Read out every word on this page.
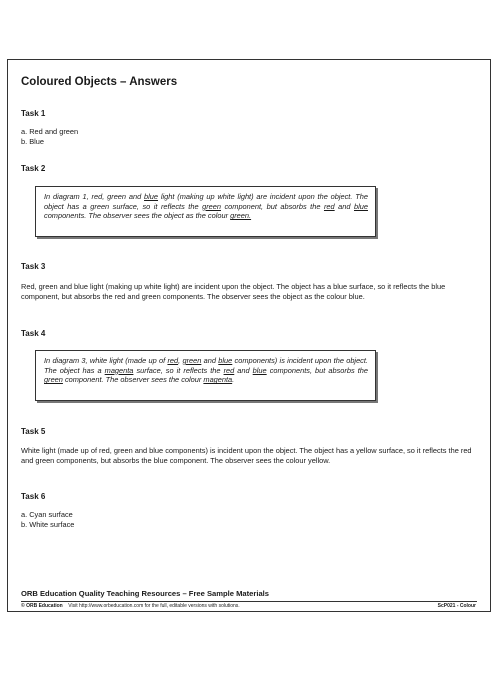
Coloured Objects – Answers
Task 1
a. Red and green
b. Blue
Task 2
In diagram 1, red, green and blue light (making up white light) are incident upon the object. The object has a green surface, so it reflects the green component, but absorbs the red and blue components. The observer sees the object as the colour green.
Task 3
Red, green and blue light (making up white light) are incident upon the object. The object has a blue surface, so it reflects the blue component, but absorbs the red and green components. The observer sees the object as the colour blue.
Task 4
In diagram 3, white light (made up of red, green and blue components) is incident upon the object. The object has a magenta surface, so it reflects the red and blue components, but absorbs the green component. The observer sees the colour magenta.
Task 5
White light (made up of red, green and blue components) is incident upon the object. The object has a yellow surface, so it reflects the red and green components, but absorbs the blue component. The observer sees the colour yellow.
Task 6
a. Cyan surface
b. White surface
ORB Education Quality Teaching Resources – Free Sample Materials
© ORB Education    Visit http://www.orbeducation.com for the full, editable versions with solutions.	ScP021 - Colour
